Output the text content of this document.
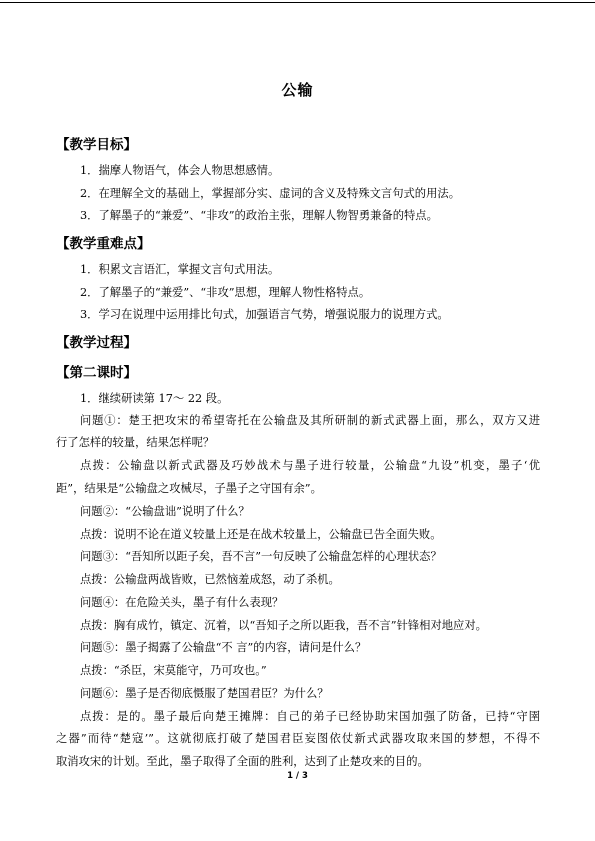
公输
【教学目标】
1．揣摩人物语气，体会人物思想感情。
2．在理解全文的基础上，掌握部分实、虚词的含义及特殊文言句式的用法。
3．了解墨子的“兼爱”、“非攻”的政治主张，理解人物智勇兼备的特点。
【教学重难点】
1．积累文言语汇，掌握文言句式用法。
2．了解墨子的“兼爱”、“非攻”思想，理解人物性格特点。
3．学习在说理中运用排比句式，加强语言气势，增强说服力的说理方式。
【教学过程】
【第二课时】
1．继续研读第 17～ 22 段。
问题①：楚王把攻宋的希望寄托在公输盘及其所研制的新式武器上面，那么，双方又进
行了怎样的较量，结果怎样呢？
点拨：公输盘以新式武器及巧妙战术与墨子进行较量，公输盘“九设”机变，墨子‘优
距”，结果是“公输盘之攻械尽，子墨子之守国有余”。
问题②：“公输盘诎”说明了什么？
点拨：说明不论在道义较量上还是在战术较量上，公输盘已告全面失败。
问题③：“吾知所以距子矣，吾不言”一句反映了公输盘怎样的心理状态？
点拨：公输盘两战皆败，已然恼羞成怒，动了杀机。
问题④：在危险关头，墨子有什么表现？
点拨：胸有成竹，镇定、沉着，以“吾知子之所以距我，吾不言”针锋相对地应对。
问题⑤：墨子揭露了公输盘“不 言”的内容，请问是什么？
点拨：“杀臣，宋莫能守，乃可攻也。”
问题⑥：墨子是否彻底慑服了楚国君臣？为什么？
点拨：是的。墨子最后向楚王摊牌：自己的弟子已经协助宋国加强了防备，已持“守圉
之器”而待“楚寇’”。这就彻底打破了楚国君臣妄图依仗新式武器攻取来国的梦想，不得不
取消攻宋的计划。至此，墨子取得了全面的胜利，达到了止楚攻来的目的。
1 / 3
